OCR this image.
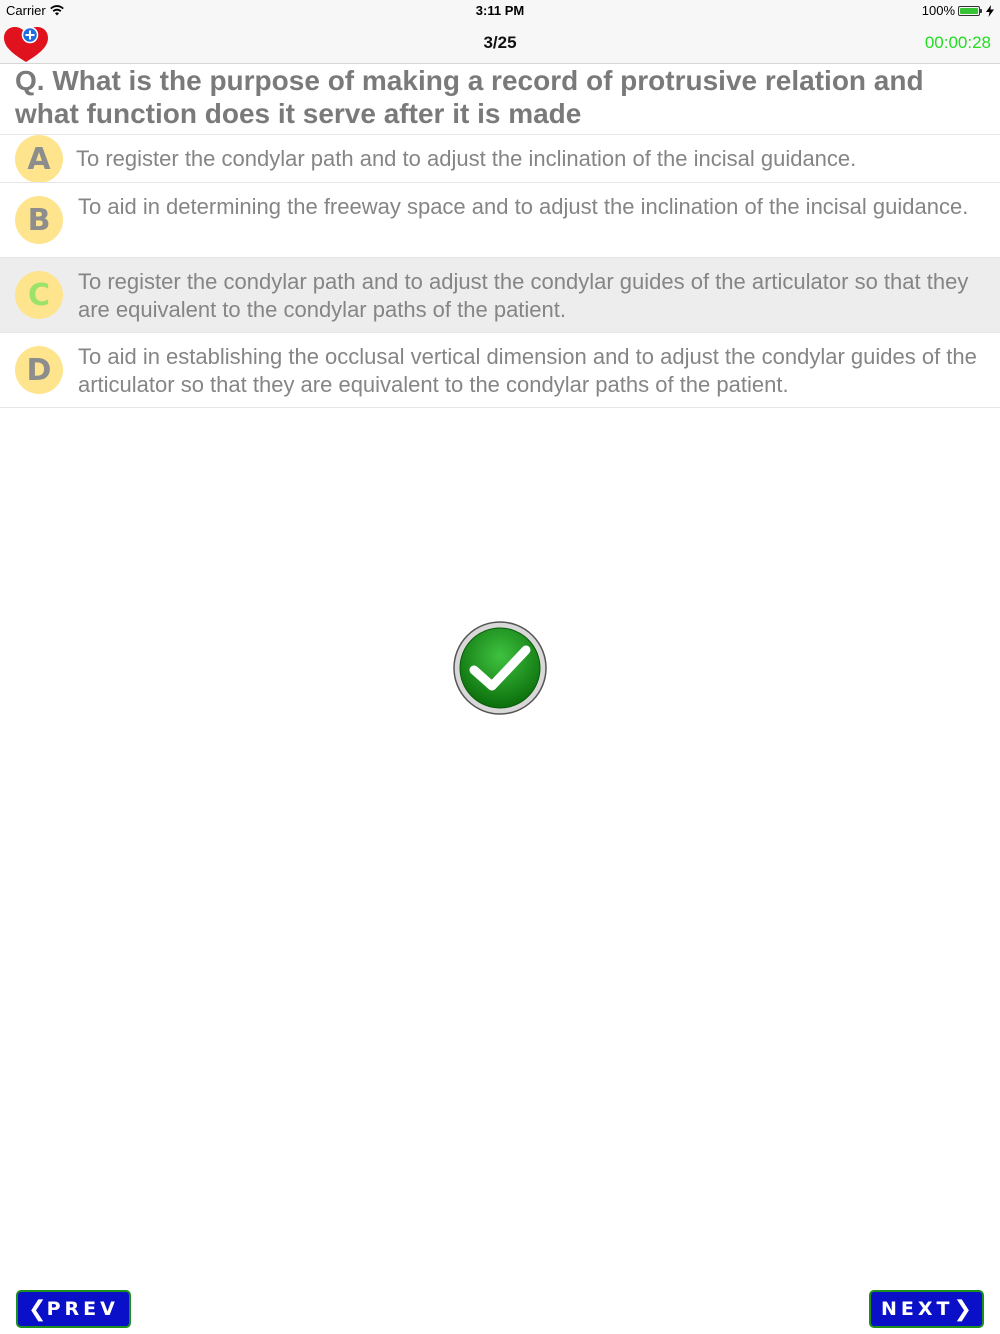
Carrier	3:11 PM	100%
3/25	00:00:28
Q. What is the purpose of making a record of protrusive relation and what function does it serve after it is made
A To register the condylar path and to adjust the inclination of the incisal guidance.
B To aid in determining the freeway space and to adjust the inclination of the incisal guidance.
C To register the condylar path and to adjust the condylar guides of the articulator so that they are equivalent to the condylar paths of the patient.
D To aid in establishing the occlusal vertical dimension and to adjust the condylar guides of the articulator so that they are equivalent to the condylar paths of the patient.
❮ PREV	NEXT ❯
